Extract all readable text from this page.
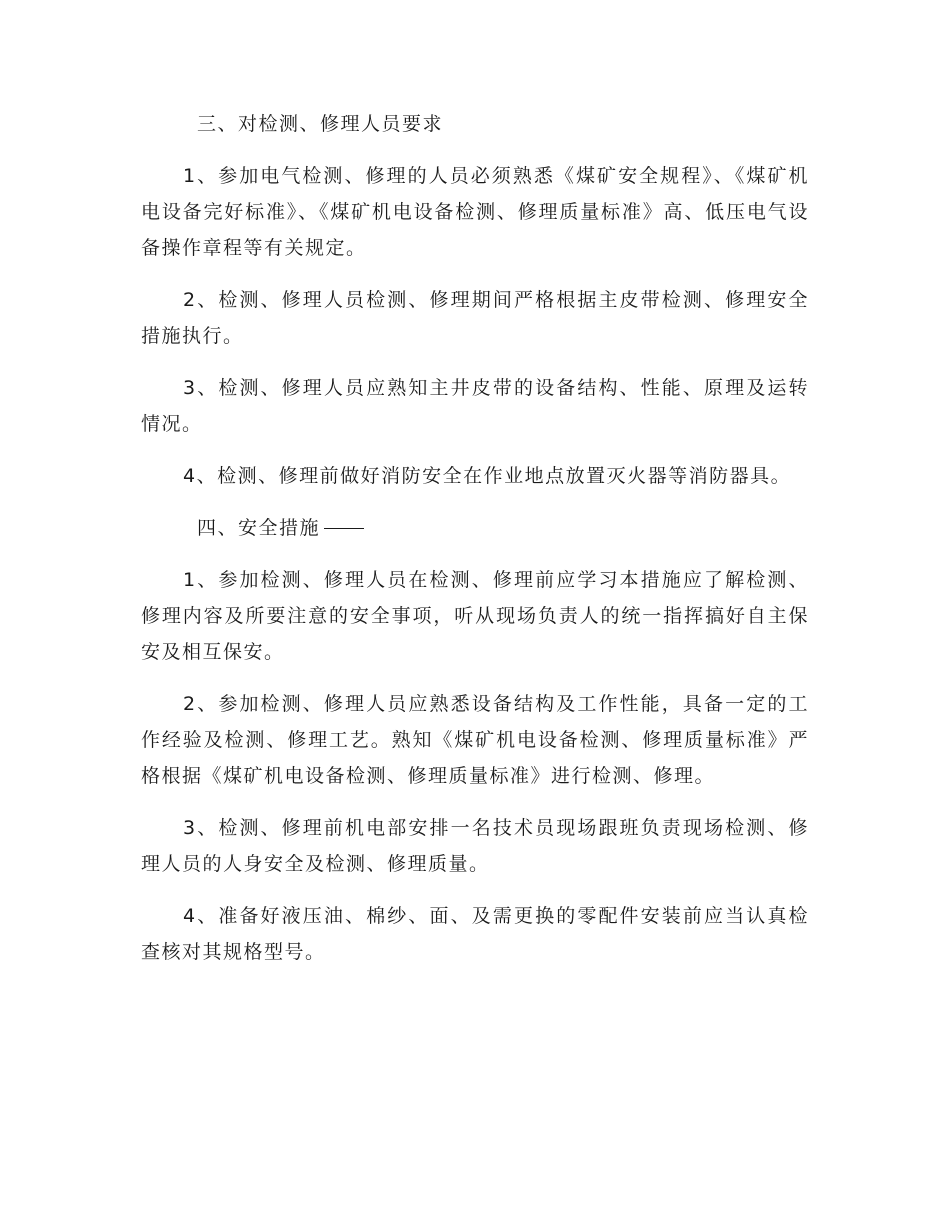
三、对检测、修理人员要求

1、参加电气检测、修理的人员必须熟悉《煤矿安全规程》、《煤矿机电设备完好标准》、《煤矿机电设备检测、修理质量标准》高、低压电气设备操作章程等有关规定。

2、检测、修理人员检测、修理期间严格根据主皮带检测、修理安全措施执行。

3、检测、修理人员应熟知主井皮带的设备结构、性能、原理及运转情况。

4、检测、修理前做好消防安全在作业地点放置灭火器等消防器具。

四、安全措施

1、参加检测、修理人员在检测、修理前应学习本措施应了解检测、修理内容及所要注意的安全事项，听从现场负责人的统一指挥搞好自主保安及相互保安。

2、参加检测、修理人员应熟悉设备结构及工作性能，具备一定的工作经验及检测、修理工艺。熟知《煤矿机电设备检测、修理质量标准》严格根据《煤矿机电设备检测、修理质量标准》进行检测、修理。

3、检测、修理前机电部安排一名技术员现场跟班负责现场检测、修理人员的人身安全及检测、修理质量。

4、准备好液压油、棉纱、面、及需更换的零配件安装前应当认真检查核对其规格型号。
